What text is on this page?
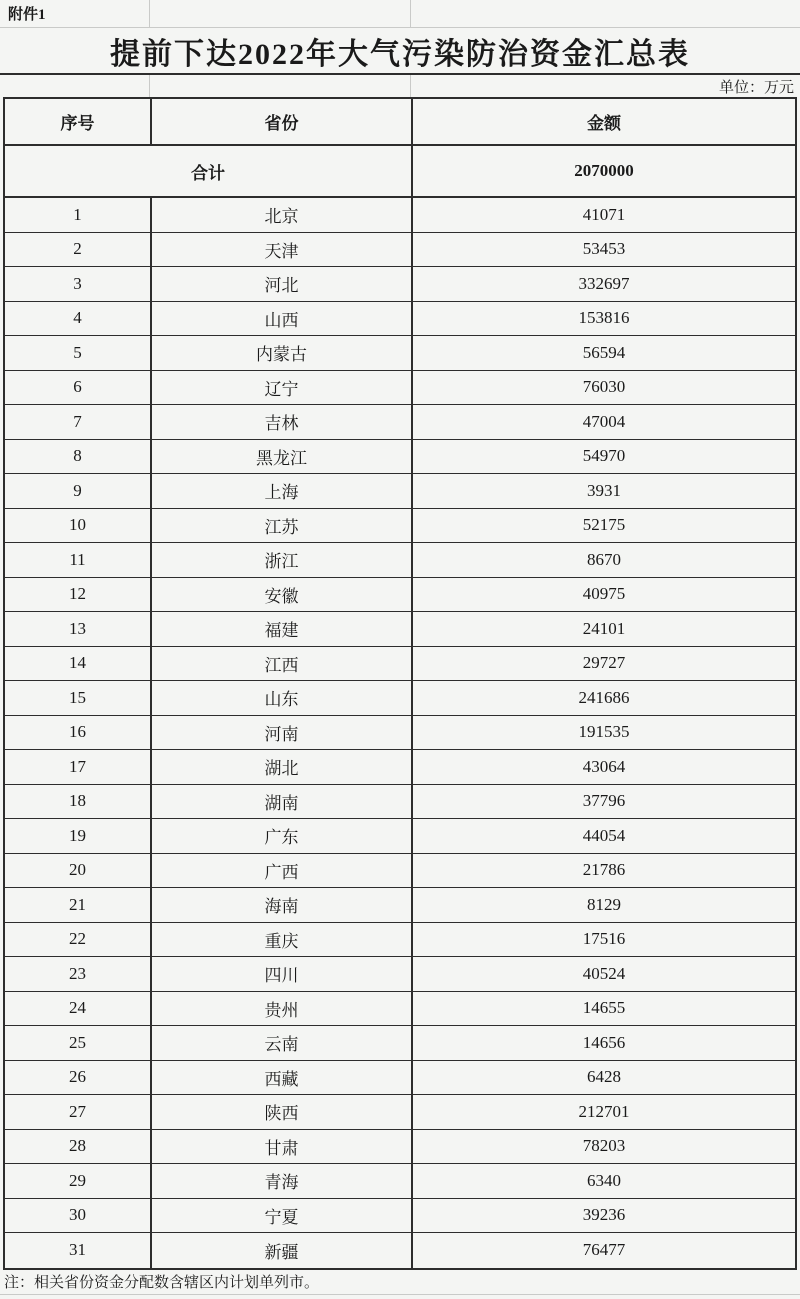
附件1
提前下达2022年大气污染防治资金汇总表
单位：万元
序号	省份	金额
合计	2070000
1	北京	41071
2	天津	53453
3	河北	332697
4	山西	153816
5	内蒙古	56594
6	辽宁	76030
7	吉林	47004
8	黑龙江	54970
9	上海	3931
10	江苏	52175
11	浙江	8670
12	安徽	40975
13	福建	24101
14	江西	29727
15	山东	241686
16	河南	191535
17	湖北	43064
18	湖南	37796
19	广东	44054
20	广西	21786
21	海南	8129
22	重庆	17516
23	四川	40524
24	贵州	14655
25	云南	14656
26	西藏	6428
27	陕西	212701
28	甘肃	78203
29	青海	6340
30	宁夏	39236
31	新疆	76477
注：相关省份资金分配数含辖区内计划单列市。
